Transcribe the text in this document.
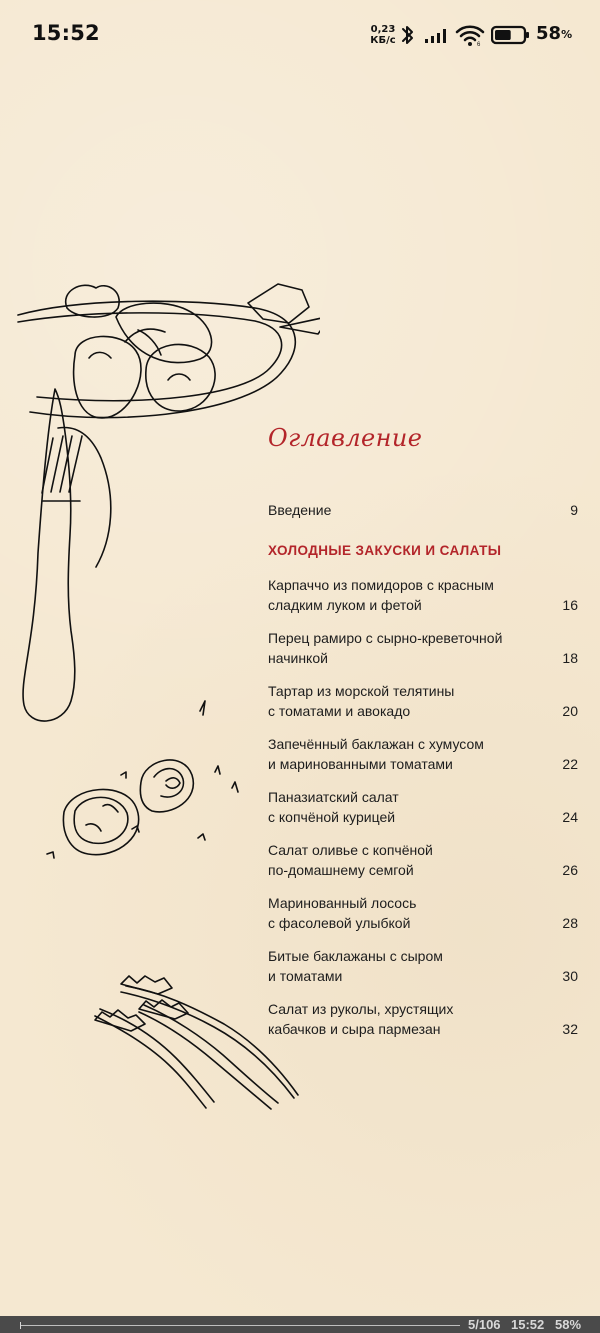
15:52	0,23
КБ/с	6
58%
Оглавление
Введение	9
ХОЛОДНЫЕ ЗАКУСКИ И САЛАТЫ
Карпаччо из помидоров с красным
сладким луком и фетой	16
Перец рамиро с сырно-креветочной
начинкой	18
Тартар из морской телятины
с томатами и авокадо	20
Запечённый баклажан с хумусом
и маринованными томатами	22
Паназиатский салат
с копчёной курицей	24
Салат оливье с копчёной
по-домашнему семгой	26
Маринованный лосось
с фасолевой улыбкой	28
Битые баклажаны с сыром
и томатами	30
Салат из руколы, хрустящих
кабачков и сыра пармезан	32
5/106 15:52 58%
